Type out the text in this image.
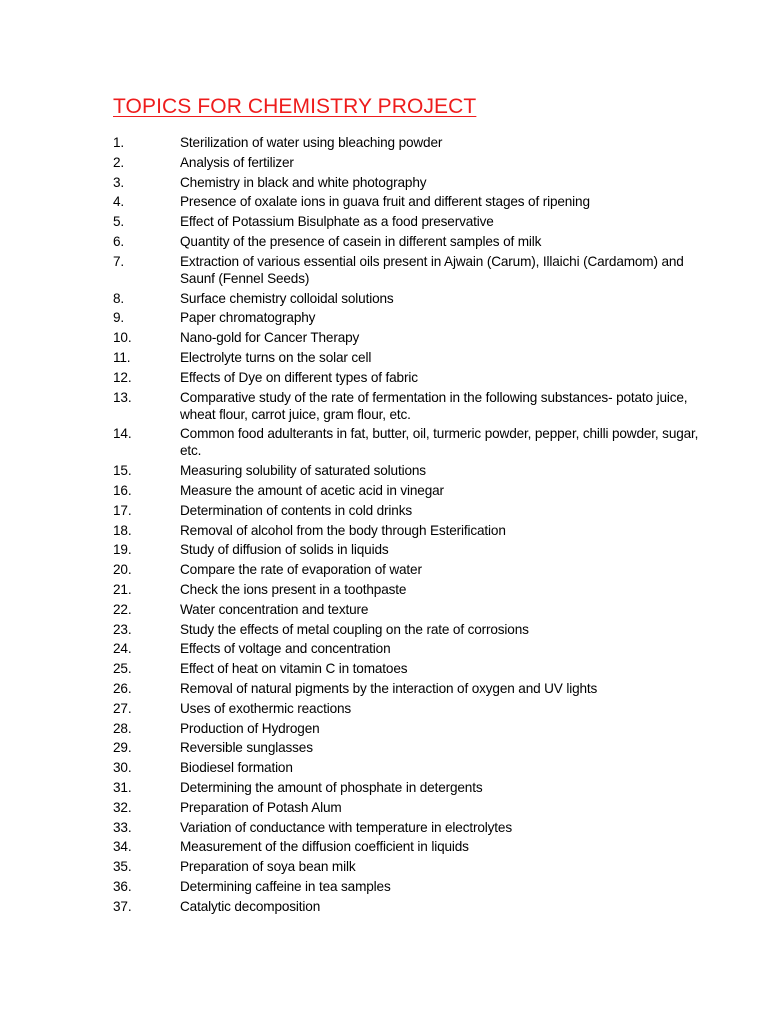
TOPICS FOR CHEMISTRY PROJECT
1.	Sterilization of water using bleaching powder
2.	Analysis of fertilizer
3.	Chemistry in black and white photography
4.	Presence of oxalate ions in guava fruit and different stages of ripening
5.	Effect of Potassium Bisulphate as a food preservative
6.	Quantity of the presence of casein in different samples of milk
7.	Extraction of various essential oils present in Ajwain (Carum), Illaichi (Cardamom) and Saunf (Fennel Seeds)
8.	Surface chemistry colloidal solutions
9.	Paper chromatography
10.	Nano-gold for Cancer Therapy
11.	Electrolyte turns on the solar cell
12.	Effects of Dye on different types of fabric
13.	Comparative study of the rate of fermentation in the following substances- potato juice, wheat flour, carrot juice, gram flour, etc.
14.	Common food adulterants in fat, butter, oil, turmeric powder, pepper, chilli powder, sugar, etc.
15.	Measuring solubility of saturated solutions
16.	Measure the amount of acetic acid in vinegar
17.	Determination of contents in cold drinks
18.	Removal of alcohol from the body through Esterification
19.	Study of diffusion of solids in liquids
20.	Compare the rate of evaporation of water
21.	Check the ions present in a toothpaste
22.	Water concentration and texture
23.	Study the effects of metal coupling on the rate of corrosions
24.	Effects of voltage and concentration
25.	Effect of heat on vitamin C in tomatoes
26.	Removal of natural pigments by the interaction of oxygen and UV lights
27.	Uses of exothermic reactions
28.	Production of Hydrogen
29.	Reversible sunglasses
30.	Biodiesel formation
31.	Determining the amount of phosphate in detergents
32.	Preparation of Potash Alum
33.	Variation of conductance with temperature in electrolytes
34.	Measurement of the diffusion coefficient in liquids
35.	Preparation of soya bean milk
36.	Determining caffeine in tea samples
37.	Catalytic decomposition
